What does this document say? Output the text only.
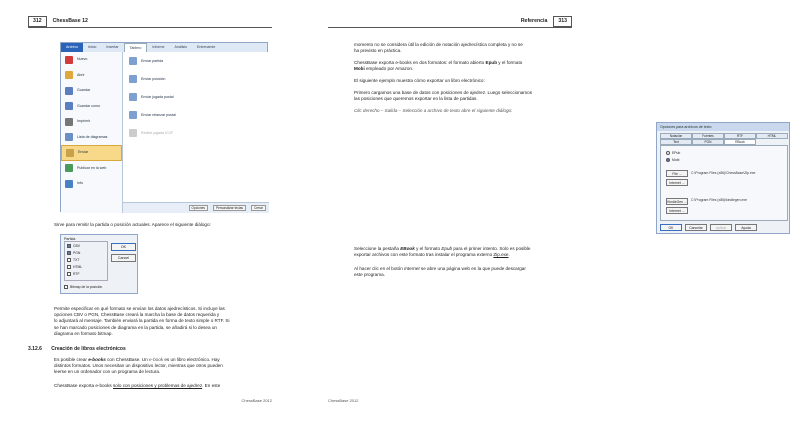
312	ChessBase 12
Archivo	Inicio	Insertar	Tablero	Informe	Análisis	Entrenamie
Nuevo
Abrir
Guardar
Guardar como
Imprimir
Lista de diagramas
Enviar
Publicar en la web
Info
Enviar partida
Enviar posición
Enviar jugada postal
Enviar relanzar postal
Recibir jugada ICCF
Opciones	Personalizar teclas	Cerrar
Sirve para remitir la partida o posición actuales. Aparece el siguiente diálogo:
Partida
CBV
PGN
TXT
HTML
RTF
OK
Cancel
Bitmap de la posición
Permite especificar en qué formato se envían los datos ajedrecísticos. Si incluye las
opciones CBV o PGN, ChessBase creará la marcha la base de datos requerida y
lo adjuntará al mensaje. También enviará la partida en forma de texto simple o RTF. Si
se han marcado posiciones de diagrama en la partida, se añadirá si lo desea un
diagrama en formato bitmap.
3.12.6 Creación de libros electrónicos
Es posible crear e-books con ChessBase. Un e-book es un libro electrónico. Hay
distintos formatos. Unos necesitan un dispositivo lector, mientras que otros pueden
leerse en un ordenador con un programa de lectura.
ChessBase exporta e-books solo con posiciones y problemas de ajedrez. En este
ChessBase 2012
Referencia	313
momento no se considera útil la edición de notación ajedrecística completa y no se
ha previsto en práctica.
ChessBase exporta e-books en dos formatos: el formato abierto Epub y el formato
Mobi empleado por Amazon.
El siguiente ejemplo muestra cómo exportar un libro electrónico:
Primero cargamos una base de datos con posiciones de ajedrez. Luego seleccionamos
las posiciones que queremos exportar en la lista de partidas.
Clic derecho – Salida – Selección a archivo de texto abre el siguiente diálogo:
Opciones para archivos de texto
Notación	Fuentes	RTF	HTML
Text	PGN	EBook
EPub
Mobi
File ...	C:\Program Files (x86)\ChessBase\Zip.exe
Internet ...
KindleGen ...	C:\Program Files (x86)\kindlegen.exe
Internet ...
OK	Cancelar	Aplicar	Ayuda
Seleccione la pestaña EBook y el formato Epub para el primer intento. Solo es posible
exportar archivos con este formato tras instalar el programa externo Zip.exe.
Al hacer clic en el botón Internet se abre una página web en la que puede descargar
este programa.
ChessBase 2012
